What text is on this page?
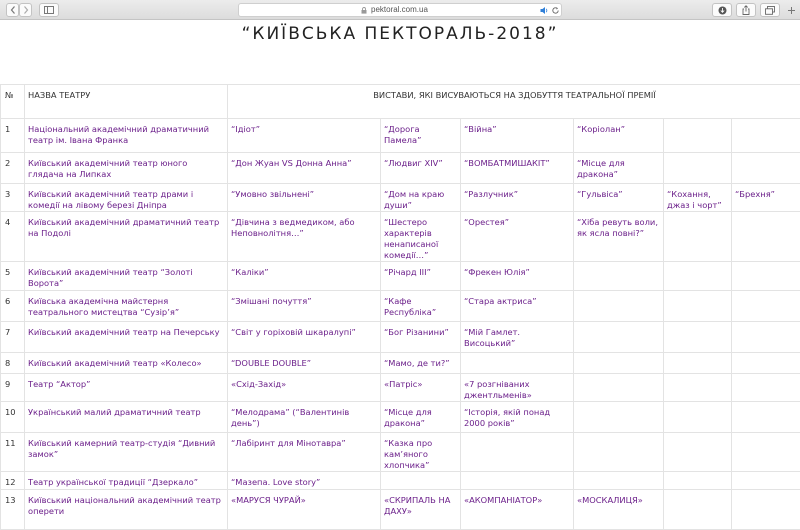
pektoral.com.ua
“КИЇВСЬКА ПЕКТОРАЛЬ-2018”
№	НАЗВА ТЕАТРУ	ВИСТАВИ, ЯКІ ВИСУВАЮТЬСЯ НА ЗДОБУТТЯ ТЕАТРАЛЬНОЇ ПРЕМІЇ					
1	Національний академічний драматичний театр ім. Івана Франка	“Ідіот”	“Дорога Памела”	“Війна”	“Коріолан”		
2	Київський академічний театр юного глядача на Липках	“Дон Жуан VS Донна Анна”	“Людвиг XIV”	“ВОМБАТМИШАКІТ”	“Місце для дракона”		
3	Київський академічний театр драми і комедії на лівому березі Дніпра	“Умовно звільнені”	“Дом на краю души”	“Разлучник”	“Гульвіса”	“Кохання, джаз і чорт”	“Брехня”
4	Київський академічний драматичний театр на Подолі	“Дівчина з ведмедиком, або Неповнолітня…”	“Шестеро характерів ненаписаної комедії…”	“Орестея”	“Хіба ревуть воли, як ясла повні?”		
5	Київський академічний театр “Золоті Ворота”	“Каліки”	“Річард III”	“Фрекен Юлія”			
6	Київська академічна майстерня театрального мистецтва “Сузір’я”	“Змішані почуття”	“Кафе Республіка”	“Стара актриса”			
7	Київський академічний театр на Печерську	“Світ у горіховій шкаралупі”	“Бог Різанини”	“Мій Гамлет. Висоцький”			
8	Київський академічний театр «Колесо»	“DOUBLE DOUBLE”	“Мамо, де ти?”				
9	Театр “Актор”	«Схід-Захід»	«Патріс»	«7 розгніваних джентльменів»			
10	Український малий драматичний театр	“Мелодрама” (“Валентинів день”)	“Місце для дракона”	“Історія, якій понад 2000 років”			
11	Київський камерний театр-студія “Дивний замок”	“Лабіринт для Мінотавра”	“Казка про кам’яного хлопчика”				
12	Театр української традиції “Дзеркало”	“Мазепа. Love story”					
13	Київський національний академічний театр оперети	«МАРУСЯ ЧУРАЙ»	«СКРИПАЛЬ НА ДАХУ»	«АКОМПАНІАТОР»	«МОСКАЛИЦЯ»		
